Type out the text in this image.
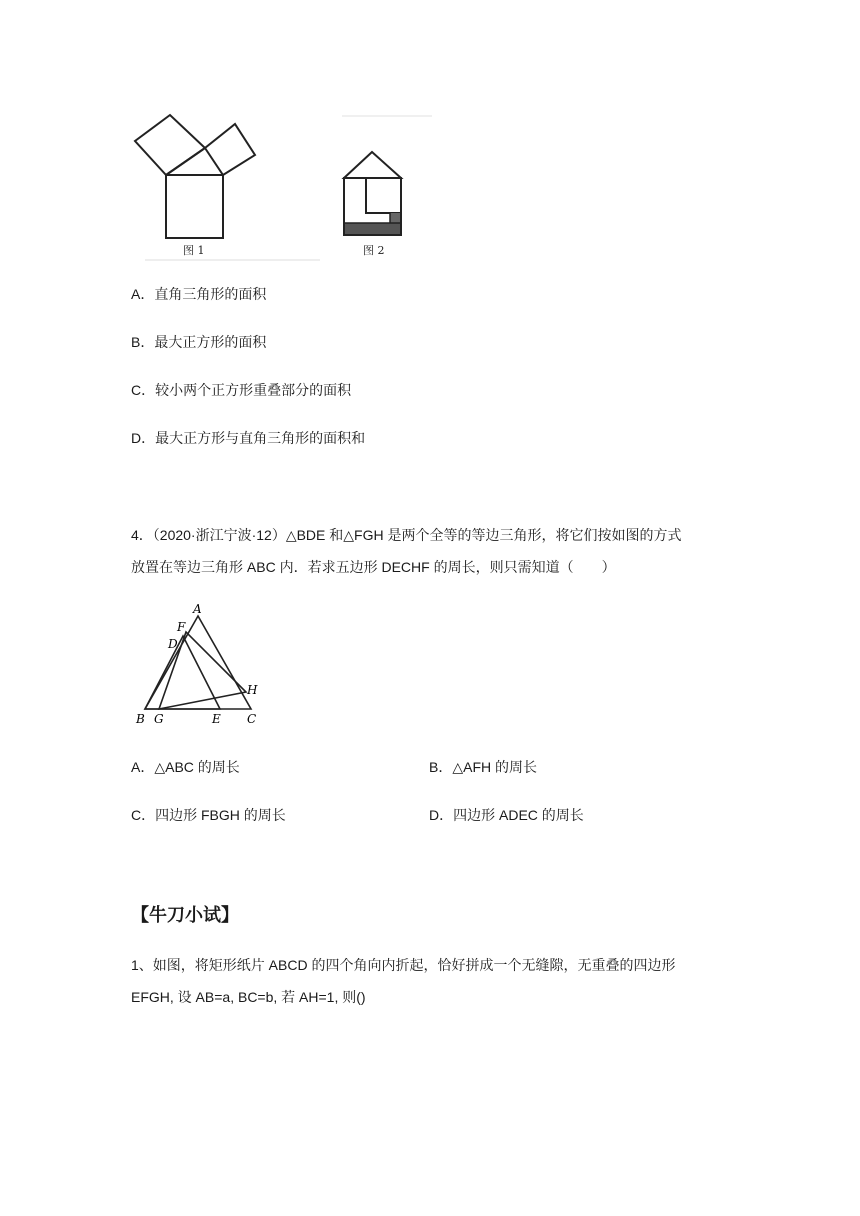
图 1	图 2
A．直角三角形的面积
B．最大正方形的面积
C．较小两个正方形重叠部分的面积
D．最大正方形与直角三角形的面积和
4．（2020·浙江宁波·12）△BDE 和△FGH 是两个全等的等边三角形，将它们按如图的方式
放置在等边三角形 ABC 内．若求五边形 DECHF 的周长，则只需知道（　　）
A
F
D
H
B G	E C
A．△ABC 的周长	B．△AFH 的周长
C．四边形 FBGH 的周长	D．四边形 ADEC 的周长
【牛刀小试】
1、如图，将矩形纸片 ABCD 的四个角向内折起，恰好拼成一个无缝隙，无重叠的四边形
EFGH, 设 AB=a, BC=b, 若 AH=1, 则()
